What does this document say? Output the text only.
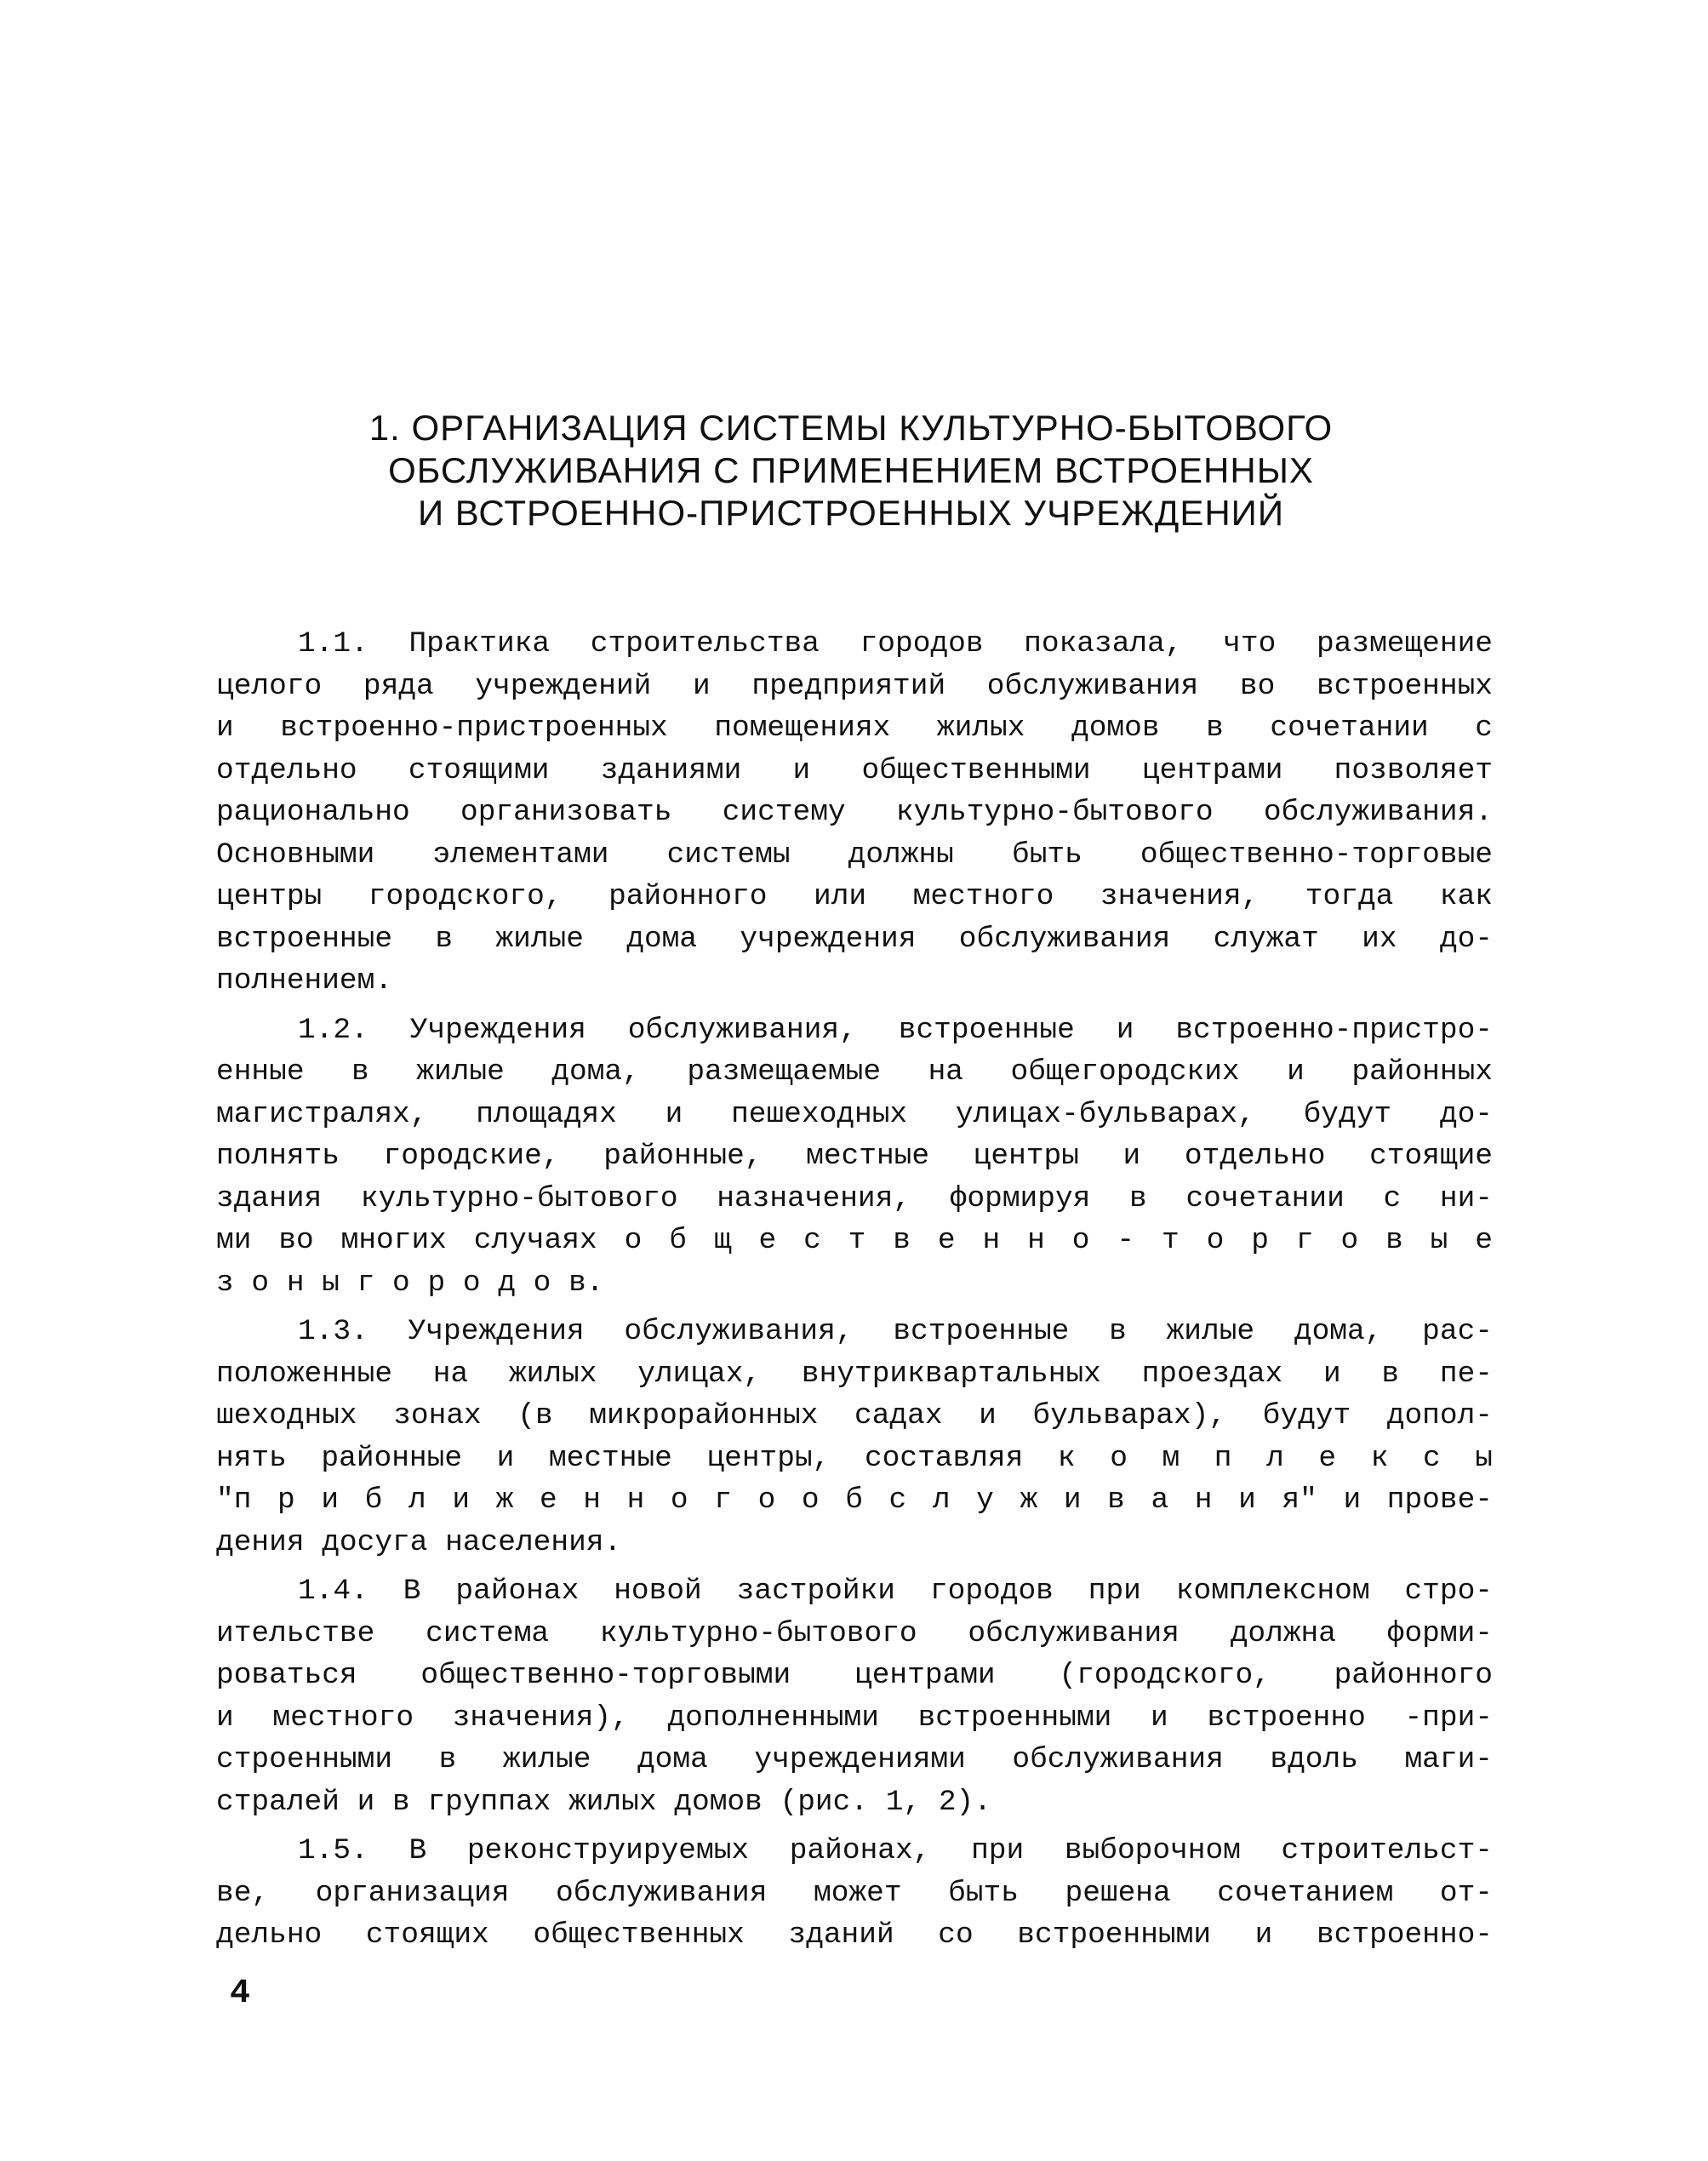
1. ОРГАНИЗАЦИЯ СИСТЕМЫ КУЛЬТУРНО-БЫТОВОГО
ОБСЛУЖИВАНИЯ С ПРИМЕНЕНИЕМ ВСТРОЕННЫХ
И ВСТРОЕННО-ПРИСТРОЕННЫХ УЧРЕЖДЕНИЙ
1.1. Практика строительства городов показала, что размещение
целого ряда учреждений и предприятий обслуживания во встроенных
и встроенно-пристроенных помещениях жилых домов в сочетании с
отдельно стоящими зданиями и общественными центрами позволяет
рационально организовать систему культурно-бытового обслуживания.
Основными элементами системы должны быть общественно-торговые
центры городского, районного или местного значения, тогда как
встроенные в жилые дома учреждения обслуживания служат их до-
полнением.
1.2. Учреждения обслуживания, встроенные и встроенно-пристро-
енные в жилые дома, размещаемые на общегородских и районных
магистралях, площадях и пешеходных улицах-бульварах, будут до-
полнять городские, районные, местные центры и отдельно стоящие
здания культурно-бытового назначения, формируя в сочетании с ни-
ми во многих случаях о б щ е с т в е н н о - т о р г о в ы е
з о н ы г о р о д о в.
1.3. Учреждения обслуживания, встроенные в жилые дома, рас-
положенные на жилых улицах, внутриквартальных проездах и в пе-
шеходных зонах (в микрорайонных садах и бульварах), будут допол-
нять районные и местные центры, составляя к о м п л е к с ы
"п р и б л и ж е н н о г о о б с л у ж и в а н и я" и прове-
дения досуга населения.
1.4. В районах новой застройки городов при комплексном стро-
ительстве система культурно-бытового обслуживания должна форми-
роваться общественно-торговыми центрами (городского, районного
и местного значения), дополненными встроенными и встроенно -при-
строенными в жилые дома учреждениями обслуживания вдоль маги-
стралей и в группах жилых домов (рис. 1, 2).
1.5. В реконструируемых районах, при выборочном строительст-
ве, организация обслуживания может быть решена сочетанием от-
дельно стоящих общественных зданий со встроенными и встроенно-
4
